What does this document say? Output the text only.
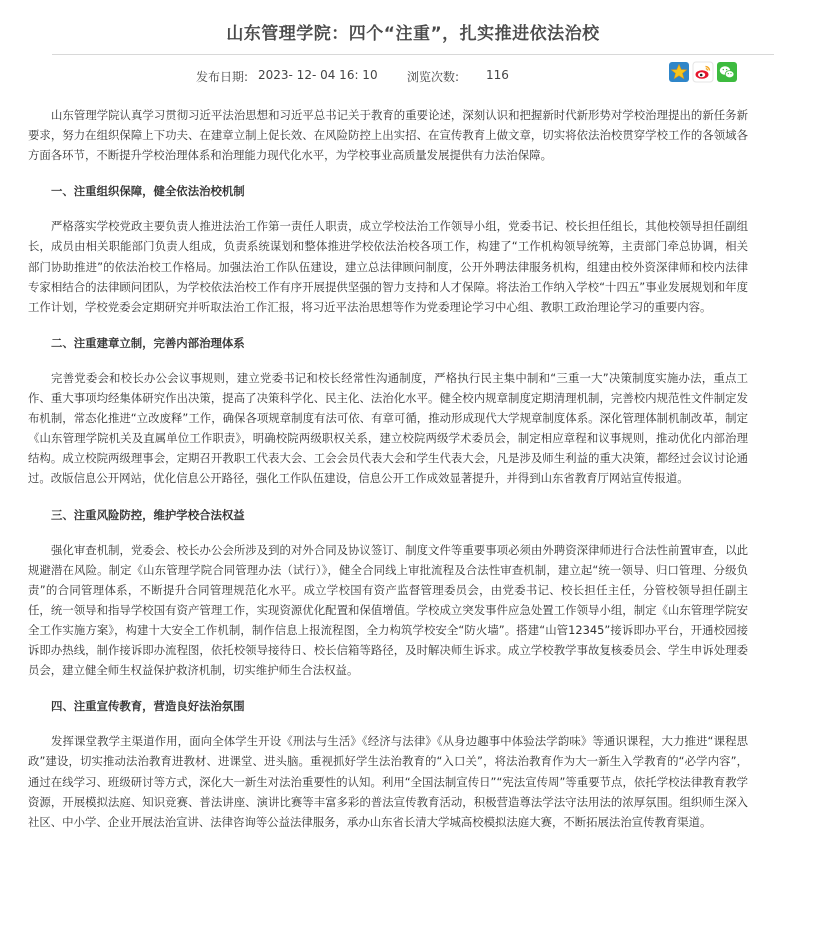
山东管理学院：四个“注重”，扎实推进依法治校
发布日期: 2023- 12- 04 16: 10 浏览次数: 116

山东管理学院认真学习贯彻习近平法治思想和习近平总书记关于教育的重要论述，深刻认识和把握新时代新形势对学校治理提出的新任务新要求，努力在组织保障上下功夫、在建章立制上促长效、在风险防控上出实招、在宣传教育上做文章，切实将依法治校贯穿学校工作的各领域各方面各环节，不断提升学校治理体系和治理能力现代化水平，为学校事业高质量发展提供有力法治保障。

一、注重组织保障，健全依法治校机制

严格落实学校党政主要负责人推进法治工作第一责任人职责，成立学校法治工作领导小组，党委书记、校长担任组长，其他校领导担任副组长，成员由相关职能部门负责人组成，负责系统谋划和整体推进学校依法治校各项工作，构建了“工作机构领导统筹，主责部门牵总协调，相关部门协助推进”的依法治校工作格局。加强法治工作队伍建设，建立总法律顾问制度，公开外聘法律服务机构，组建由校外资深律师和校内法律专家相结合的法律顾问团队，为学校依法治校工作有序开展提供坚强的智力支持和人才保障。将法治工作纳入学校“十四五”事业发展规划和年度工作计划，学校党委会定期研究并听取法治工作汇报，将习近平法治思想等作为党委理论学习中心组、教职工政治理论学习的重要内容。

二、注重建章立制，完善内部治理体系

完善党委会和校长办公会议事规则，建立党委书记和校长经常性沟通制度，严格执行民主集中制和“三重一大”决策制度实施办法，重点工作、重大事项均经集体研究作出决策，提高了决策科学化、民主化、法治化水平。健全校内规章制度定期清理机制，完善校内规范性文件制定发布机制，常态化推进“立改废释”工作，确保各项规章制度有法可依、有章可循，推动形成现代大学规章制度体系。深化管理体制机制改革，制定《山东管理学院机关及直属单位工作职责》，明确校院两级职权关系，建立校院两级学术委员会，制定相应章程和议事规则，推动优化内部治理结构。成立校院两级理事会，定期召开教职工代表大会、工会会员代表大会和学生代表大会，凡是涉及师生利益的重大决策，都经过会议讨论通过。改版信息公开网站，优化信息公开路径，强化工作队伍建设，信息公开工作成效显著提升，并得到山东省教育厅网站宣传报道。

三、注重风险防控，维护学校合法权益

强化审查机制，党委会、校长办公会所涉及到的对外合同及协议签订、制度文件等重要事项必须由外聘资深律师进行合法性前置审查，以此规避潜在风险。制定《山东管理学院合同管理办法（试行）》，健全合同线上审批流程及合法性审查机制，建立起“统一领导、归口管理、分级负责”的合同管理体系，不断提升合同管理规范化水平。成立学校国有资产监督管理委员会，由党委书记、校长担任主任，分管校领导担任副主任，统一领导和指导学校国有资产管理工作，实现资源优化配置和保值增值。学校成立突发事件应急处置工作领导小组，制定《山东管理学院安全工作实施方案》，构建十大安全工作机制，制作信息上报流程图，全力构筑学校安全“防火墙”。搭建“山管12345”接诉即办平台，开通校园接诉即办热线，制作接诉即办流程图，依托校领导接待日、校长信箱等路径，及时解决师生诉求。成立学校教学事故复核委员会、学生申诉处理委员会，建立健全师生权益保护救济机制，切实维护师生合法权益。

四、注重宣传教育，营造良好法治氛围

发挥课堂教学主渠道作用，面向全体学生开设《刑法与生活》《经济与法律》《从身边趣事中体验法学韵味》等通识课程，大力推进“课程思政”建设，切实推动法治教育进教材、进课堂、进头脑。重视抓好学生法治教育的“入口关”，将法治教育作为大一新生入学教育的“必学内容”，通过在线学习、班级研讨等方式，深化大一新生对法治重要性的认知。利用“全国法制宣传日”“宪法宣传周”等重要节点，依托学校法律教育教学资源，开展模拟法庭、知识竞赛、普法讲座、演讲比赛等丰富多彩的普法宣传教育活动，积极营造尊法学法守法用法的浓厚氛围。组织师生深入社区、中小学、企业开展法治宣讲、法律咨询等公益法律服务，承办山东省长清大学城高校模拟法庭大赛，不断拓展法治宣传教育渠道。
